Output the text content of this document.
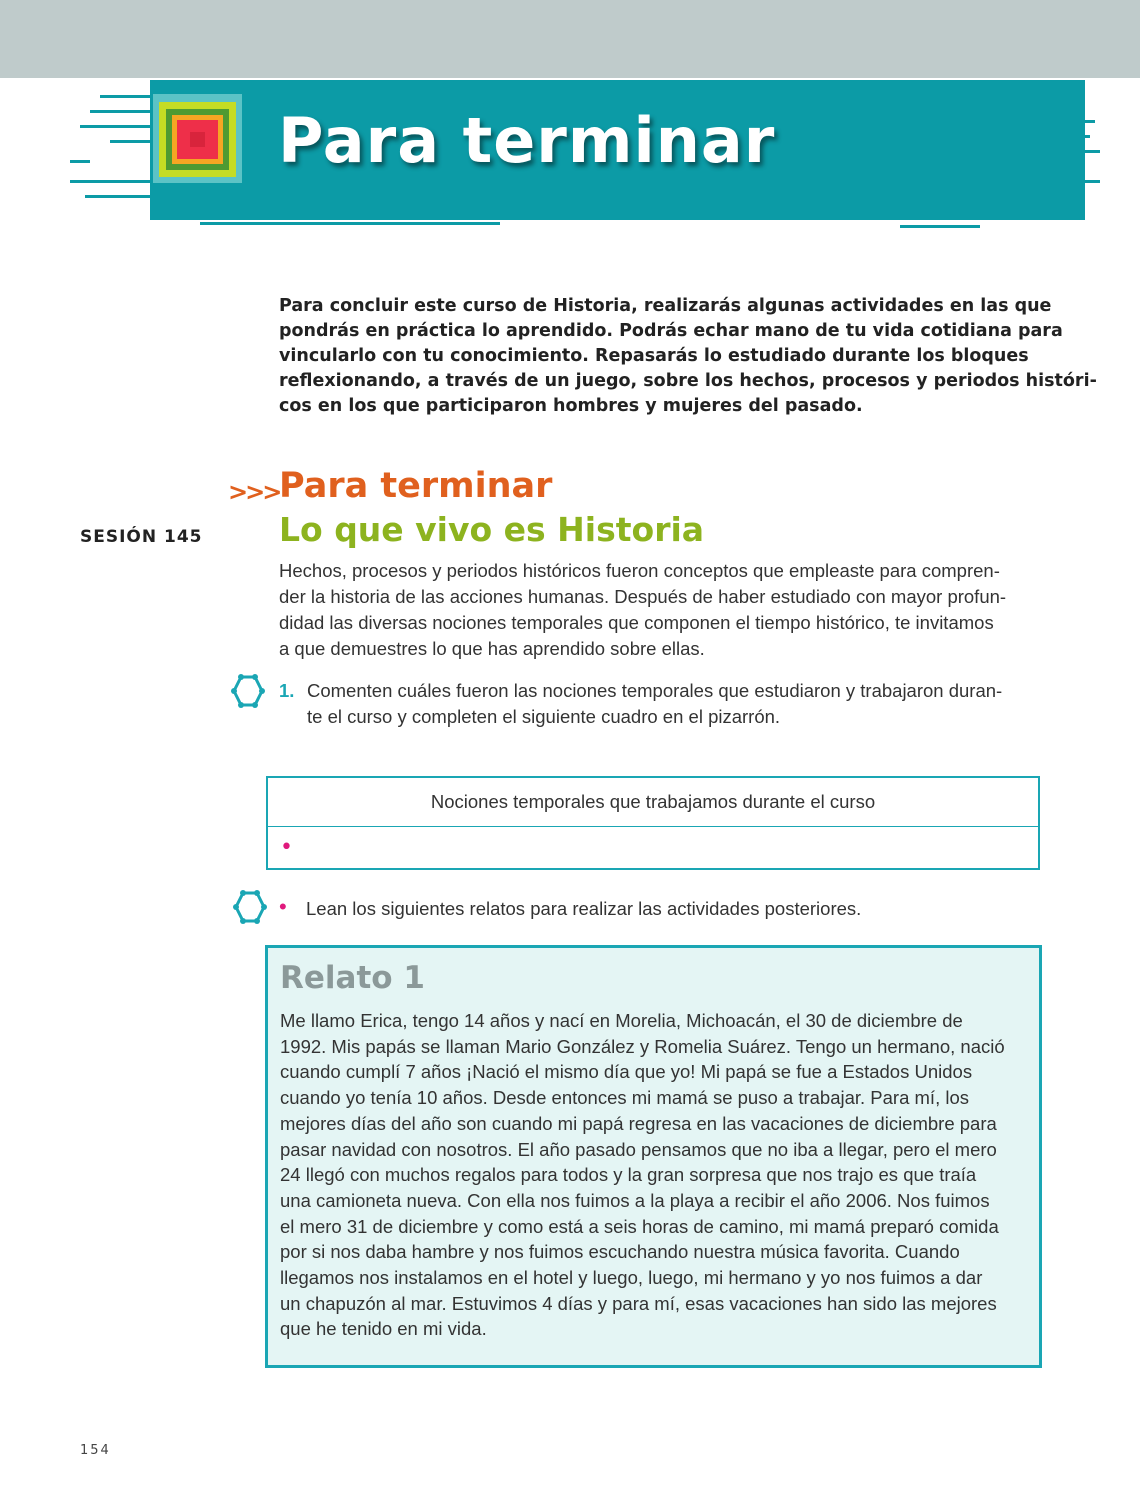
Para terminar
Para concluir este curso de Historia, realizarás algunas actividades en las que
pondrás en práctica lo aprendido. Podrás echar mano de tu vida cotidiana para
vincularlo con tu conocimiento. Repasarás lo estudiado durante los bloques
reflexionando, a través de un juego, sobre los hechos, procesos y periodos históri-
cos en los que participaron hombres y mujeres del pasado.
>>> Para terminar
Lo que vivo es Historia
SESIÓN 145
Hechos, procesos y periodos históricos fueron conceptos que empleaste para compren-
der la historia de las acciones humanas. Después de haber estudiado con mayor profun-
didad las diversas nociones temporales que componen el tiempo histórico, te invitamos
a que demuestres lo que has aprendido sobre ellas.
1. Comenten cuáles fueron las nociones temporales que estudiaron y trabajaron duran-
te el curso y completen el siguiente cuadro en el pizarrón.
Nociones temporales que trabajamos durante el curso
•
• Lean los siguientes relatos para realizar las actividades posteriores.
Relato 1
Me llamo Erica, tengo 14 años y nací en Morelia, Michoacán, el 30 de diciembre de
1992. Mis papás se llaman Mario González y Romelia Suárez. Tengo un hermano, nació
cuando cumplí 7 años ¡Nació el mismo día que yo! Mi papá se fue a Estados Unidos
cuando yo tenía 10 años. Desde entonces mi mamá se puso a trabajar. Para mí, los
mejores días del año son cuando mi papá regresa en las vacaciones de diciembre para
pasar navidad con nosotros. El año pasado pensamos que no iba a llegar, pero el mero
24 llegó con muchos regalos para todos y la gran sorpresa que nos trajo es que traía
una camioneta nueva. Con ella nos fuimos a la playa a recibir el año 2006. Nos fuimos
el mero 31 de diciembre y como está a seis horas de camino, mi mamá preparó comida
por si nos daba hambre y nos fuimos escuchando nuestra música favorita. Cuando
llegamos nos instalamos en el hotel y luego, luego, mi hermano y yo nos fuimos a dar
un chapuzón al mar. Estuvimos 4 días y para mí, esas vacaciones han sido las mejores
que he tenido en mi vida.
154
